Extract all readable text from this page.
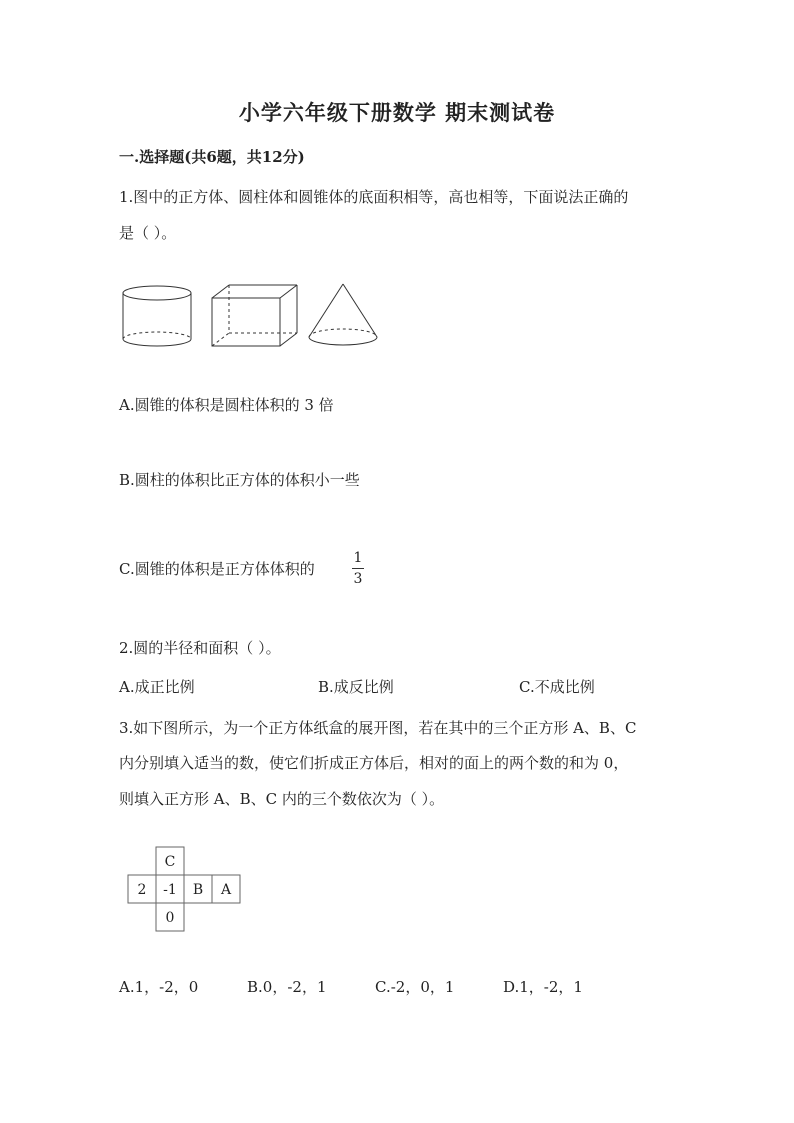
小学六年级下册数学 期末测试卷
一.选择题(共6题，共12分)
1.图中的正方体、圆柱体和圆锥体的底面积相等，高也相等，下面说法正确的
是（ ）。
A.圆锥的体积是圆柱体积的 3 倍
B.圆柱的体积比正方体的体积小一些
C.圆锥的体积是正方体体积的
1
3
2.圆的半径和面积（ ）。
A.成正比例	B.成反比例	C.不成比例
3.如下图所示，为一个正方体纸盒的展开图，若在其中的三个正方形 A、B、C
内分别填入适当的数，使它们折成正方体后，相对的面上的两个数的和为 0，
则填入正方形 A、B、C 内的三个数依次为（ ）。
C
2 -1 B A
0
A.1，-2，0	B.0，-2，1	C.-2，0，1	D.1，-2，1
